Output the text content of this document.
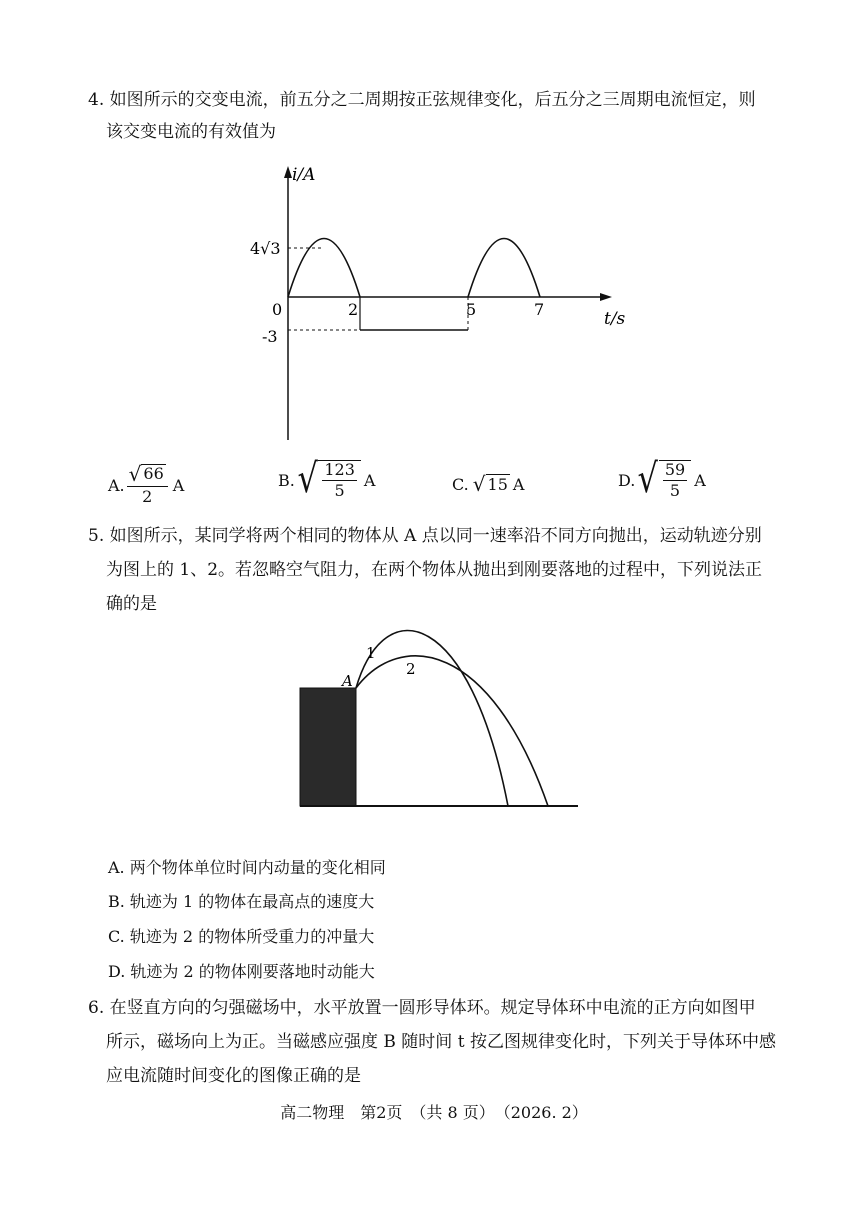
4. 如图所示的交变电流，前五分之二周期按正弦规律变化，后五分之三周期电流恒定，则
该交变电流的有效值为
i/A
t/s
4√3
-3
0	2	5	7
A. $\frac{√ 66}{2}$ A	B. √ $\frac{123}{5}$ A	C. √ 15 A	D. √ $\frac{59}{5}$ A
5. 如图所示，某同学将两个相同的物体从 A 点以同一速率沿不同方向抛出，运动轨迹分别
为图上的 1、2。若忽略空气阻力，在两个物体从抛出到刚要落地的过程中，下列说法正
确的是
A
1
2
A. 两个物体单位时间内动量的变化相同
B. 轨迹为 1 的物体在最高点的速度大
C. 轨迹为 2 的物体所受重力的冲量大
D. 轨迹为 2 的物体刚要落地时动能大
6. 在竖直方向的匀强磁场中，水平放置一圆形导体环。规定导体环中电流的正方向如图甲
所示，磁场向上为正。当磁感应强度 B 随时间 t 按乙图规律变化时，下列关于导体环中感
应电流随时间变化的图像正确的是
高二物理　第2页　（共 8 页）　（2026. 2）
